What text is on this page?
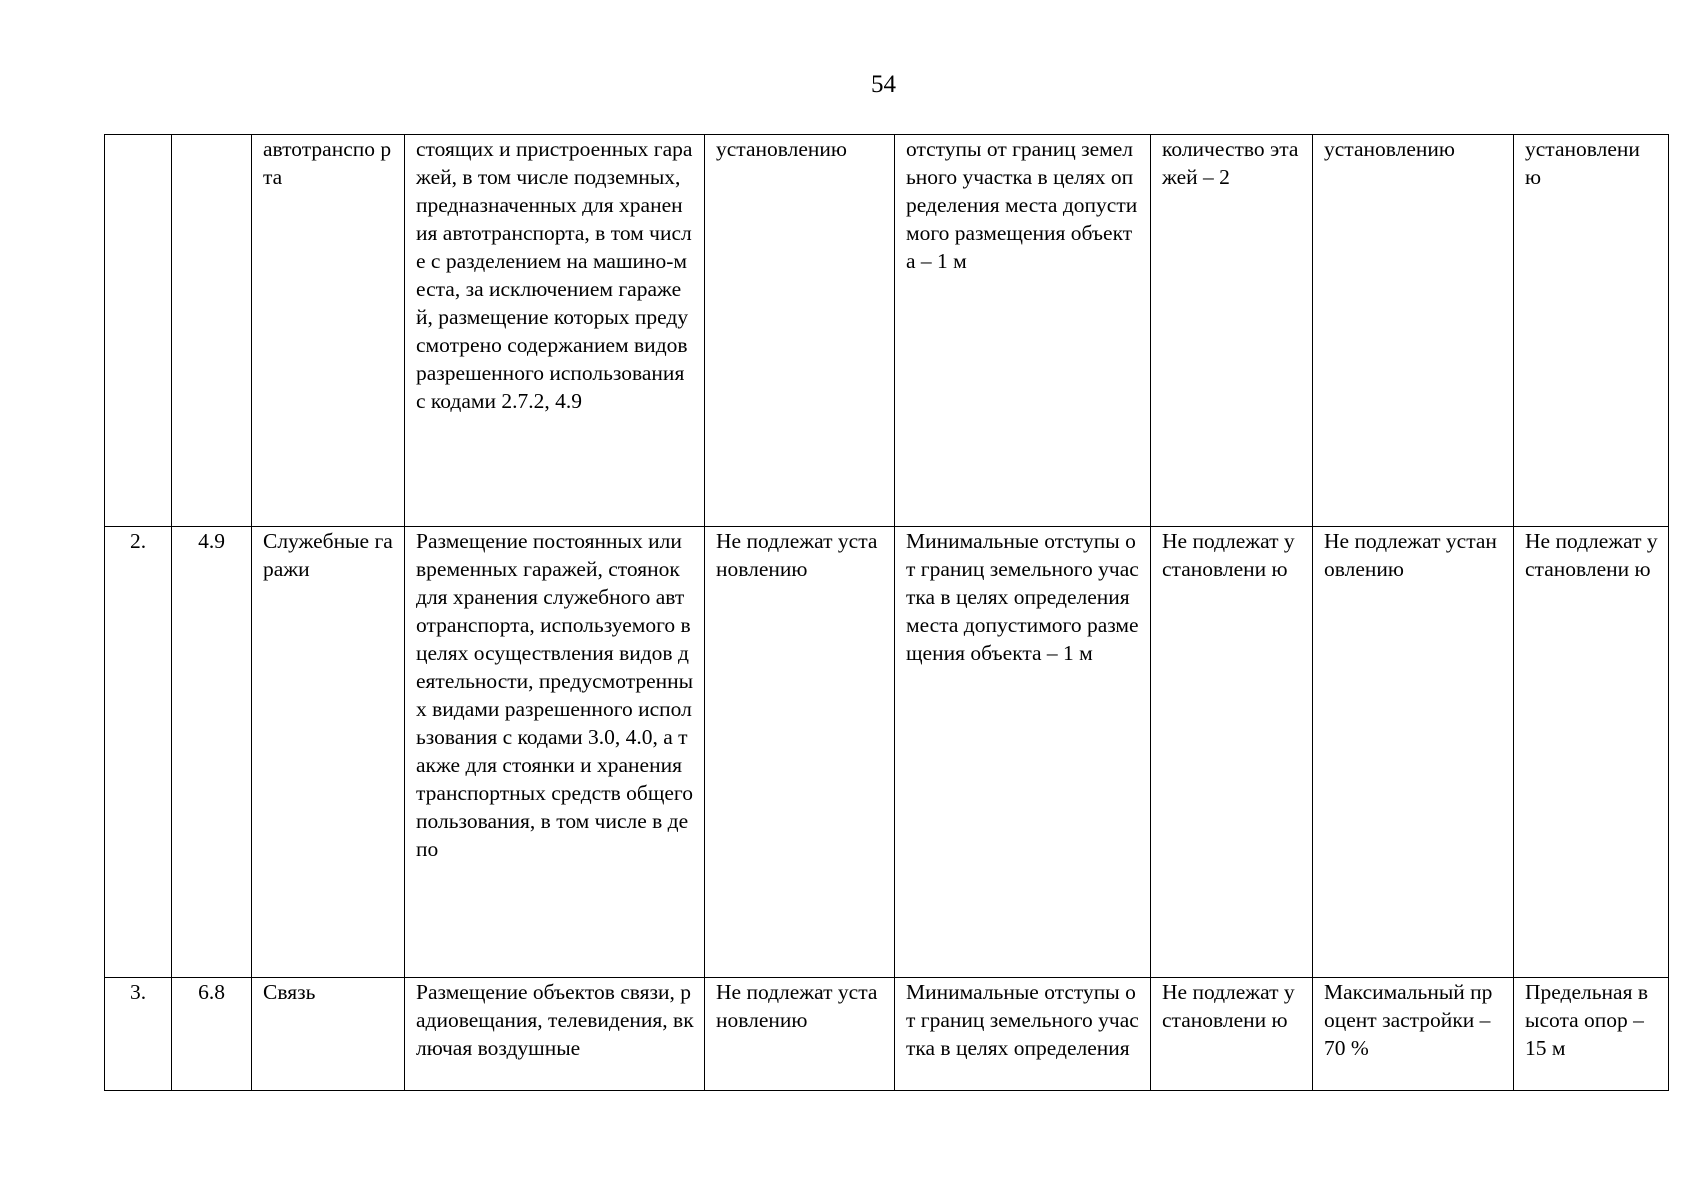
54
		автотранспо рта	стоящих и пристроенных гаражей, в том числе подземных, предназначенных для хранения автотранспорта, в том числе с разделением на машино-места, за исключением гаражей, размещение которых предусмотрено содержанием видов разрешенного использования с кодами 2.7.2, 4.9	установлению	отступы от границ земельного участка в целях определения места допустимого размещения объекта – 1 м	количество этажей – 2	установлению	установлени ю
2.	4.9	Служебные гаражи	Размещение постоянных или временных гаражей, стоянок для хранения служебного автотранспорта, используемого в целях осуществления видов деятельности, предусмотренных видами разрешенного использования с кодами 3.0, 4.0, а также для стоянки и хранения транспортных средств общего пользования, в том числе в депо	Не подлежат установлению	Минимальные отступы от границ земельного участка в целях определения места допустимого размещения объекта – 1 м	Не подлежат установлени ю	Не подлежат установлению	Не подлежат установлени ю
3.	6.8	Связь	Размещение объектов связи, радиовещания, телевидения, включая воздушные	Не подлежат установлению	Минимальные отступы от границ земельного участка в целях определения	Не подлежат установлени ю	Максимальный процент застройки – 70 %	Предельная высота опор – 15 м
